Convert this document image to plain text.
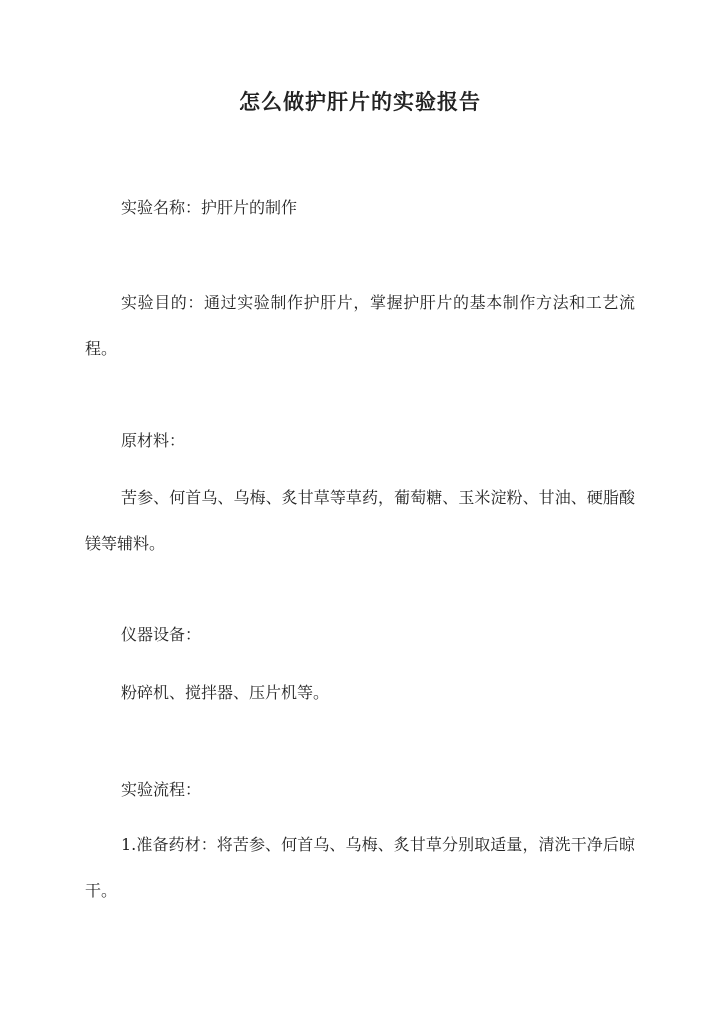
怎么做护肝片的实验报告

实验名称：护肝片的制作

实验目的：通过实验制作护肝片，掌握护肝片的基本制作方法和工艺流程。

原材料：

苦参、何首乌、乌梅、炙甘草等草药，葡萄糖、玉米淀粉、甘油、硬脂酸镁等辅料。

仪器设备：

粉碎机、搅拌器、压片机等。

实验流程：

1.准备药材：将苦参、何首乌、乌梅、炙甘草分别取适量，清洗干净后晾干。
